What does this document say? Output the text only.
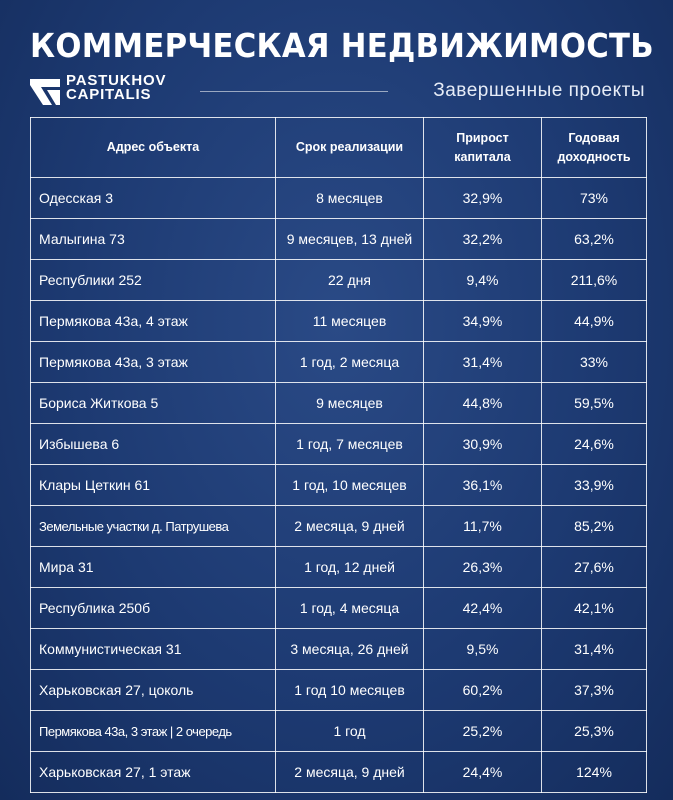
КОММЕРЧЕСКАЯ НЕДВИЖИМОСТЬ
PASTUKHOV
CAPITALIS	Завершенные проекты
Адрес объекта	Срок реализации	Прирост капитала	Годовая доходность
Одесская 3	8 месяцев	32,9%	73%
Малыгина 73	9 месяцев, 13 дней	32,2%	63,2%
Республики 252	22 дня	9,4%	211,6%
Пермякова 43а, 4 этаж	11 месяцев	34,9%	44,9%
Пермякова 43а, 3 этаж	1 год, 2 месяца	31,4%	33%
Бориса Житкова 5	9 месяцев	44,8%	59,5%
Избышева 6	1 год, 7 месяцев	30,9%	24,6%
Клары Цеткин 61	1 год, 10 месяцев	36,1%	33,9%
Земельные участки д. Патрушева	2 месяца, 9 дней	11,7%	85,2%
Мира 31	1 год, 12 дней	26,3%	27,6%
Республика 250б	1 год, 4 месяца	42,4%	42,1%
Коммунистическая 31	3 месяца, 26 дней	9,5%	31,4%
Харьковская 27, цоколь	1 год 10 месяцев	60,2%	37,3%
Пермякова 43а, 3 этаж | 2 очередь	1 год	25,2%	25,3%
Харьковская 27, 1 этаж	2 месяца, 9 дней	24,4%	124%
